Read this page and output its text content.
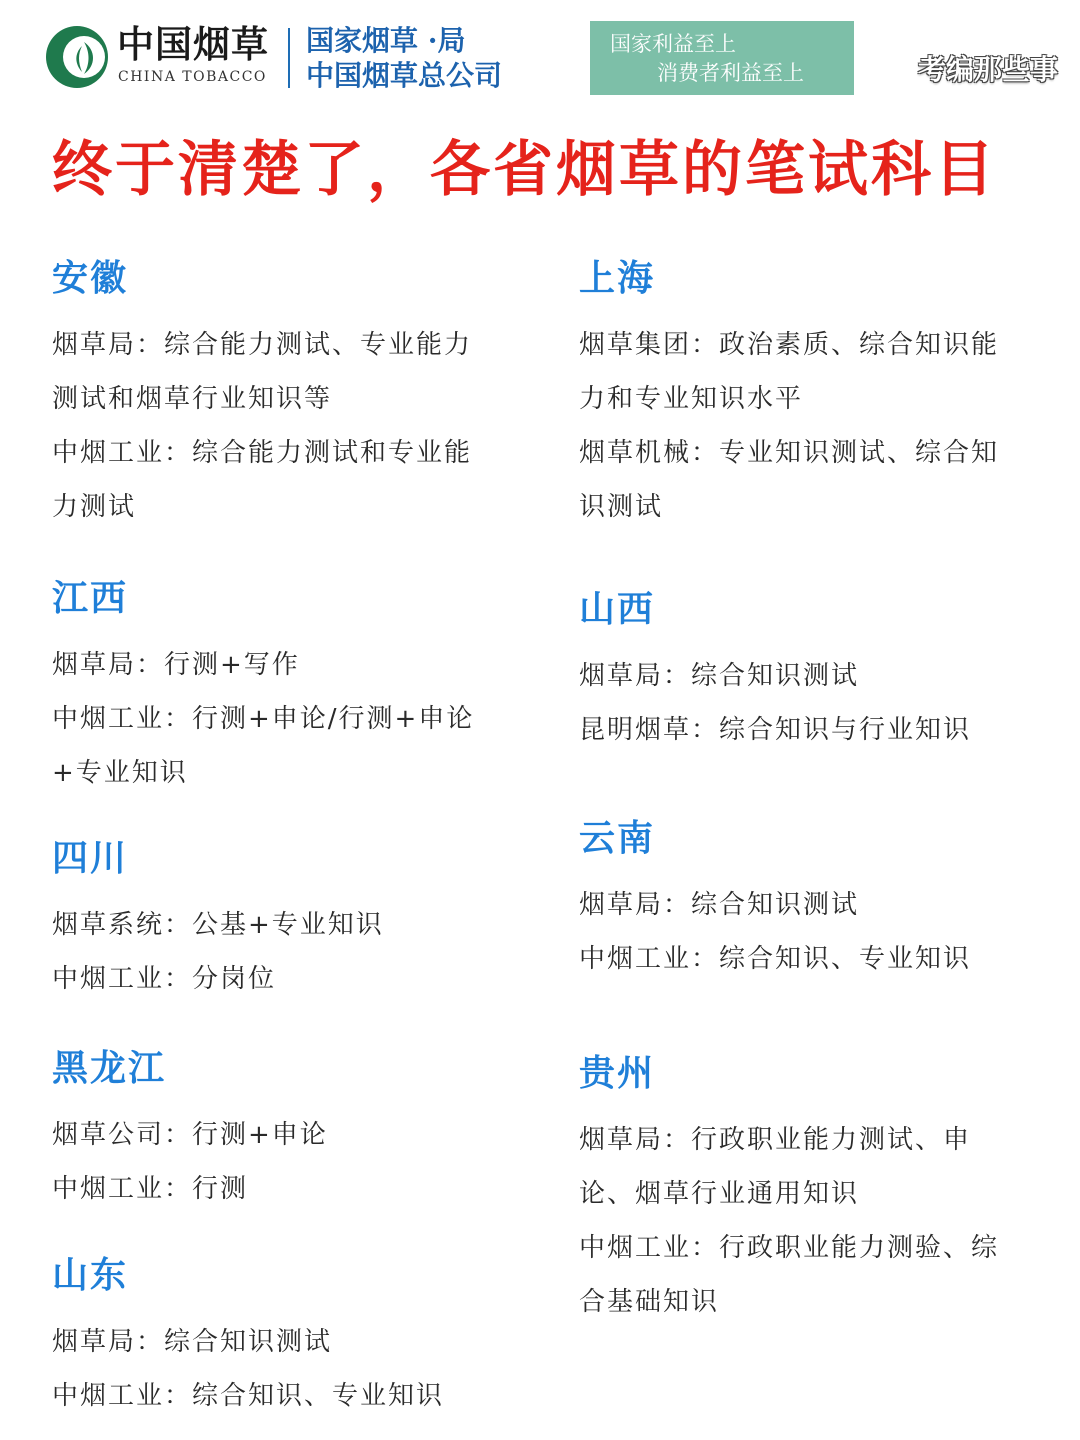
中国烟草
CHINA TOBACCO
国家烟草 ·局
中国烟草总公司
国家利益至上
消费者利益至上	考编那些事
终于清楚了，各省烟草的笔试科目
安徽
烟草局：综合能力测试、专业能力
测试和烟草行业知识等
中烟工业：综合能力测试和专业能
力测试
江西
烟草局：行测+写作
中烟工业：行测+申论/行测+申论
+专业知识
四川
烟草系统：公基+专业知识
中烟工业：分岗位
黑龙江
烟草公司：行测+申论
中烟工业：行测
山东
烟草局：综合知识测试
中烟工业：综合知识、专业知识
上海
烟草集团：政治素质、综合知识能
力和专业知识水平
烟草机械：专业知识测试、综合知
识测试
山西
烟草局：综合知识测试
昆明烟草：综合知识与行业知识
云南
烟草局：综合知识测试
中烟工业：综合知识、专业知识
贵州
烟草局：行政职业能力测试、申
论、烟草行业通用知识
中烟工业：行政职业能力测验、综
合基础知识
